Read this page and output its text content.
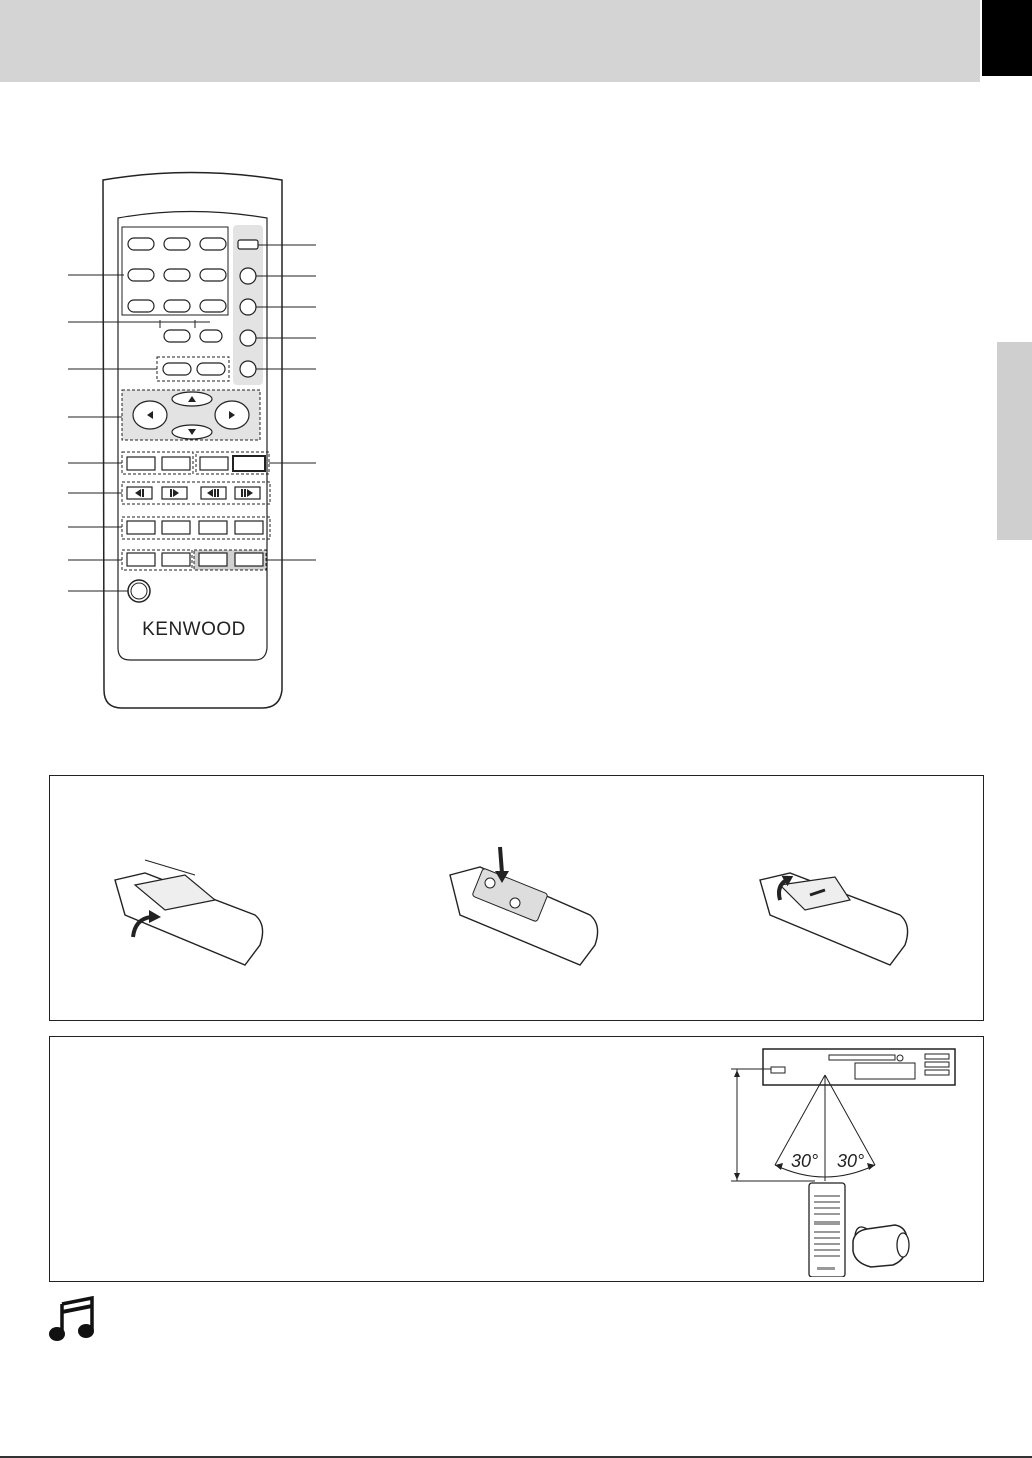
KENWOOD
30° 30°
